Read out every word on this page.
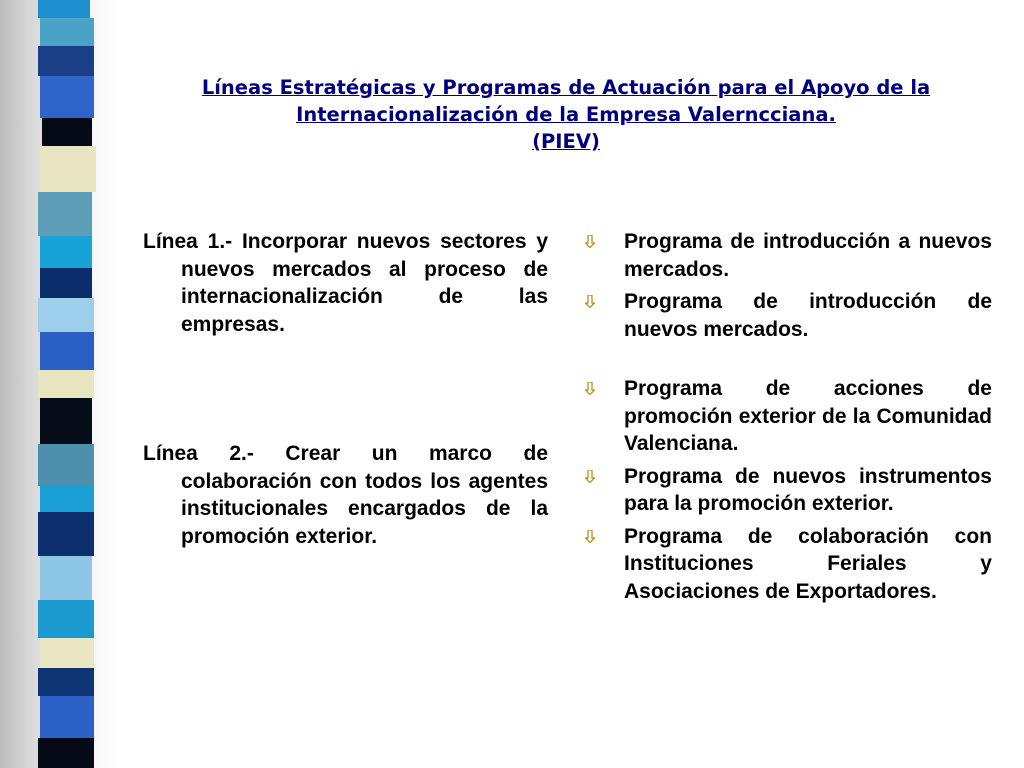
Líneas Estratégicas y Programas de Actuación para el Apoyo de la
Internacionalización de la Empresa Valerncciana.
(PIEV)
Línea 1.- Incorporar nuevos sectores y nuevos mercados al proceso de internacionalización de las empresas.
Línea 2.- Crear un marco de colaboración con todos los agentes institucionales encargados de la promoción exterior.
Programa de introducción a nuevos mercados.
Programa de introducción de nuevos mercados.
Programa de acciones de promoción exterior de la Comunidad Valenciana.
Programa de nuevos instrumentos para la promoción exterior.
Programa de colaboración con Instituciones Feriales y Asociaciones de Exportadores.
